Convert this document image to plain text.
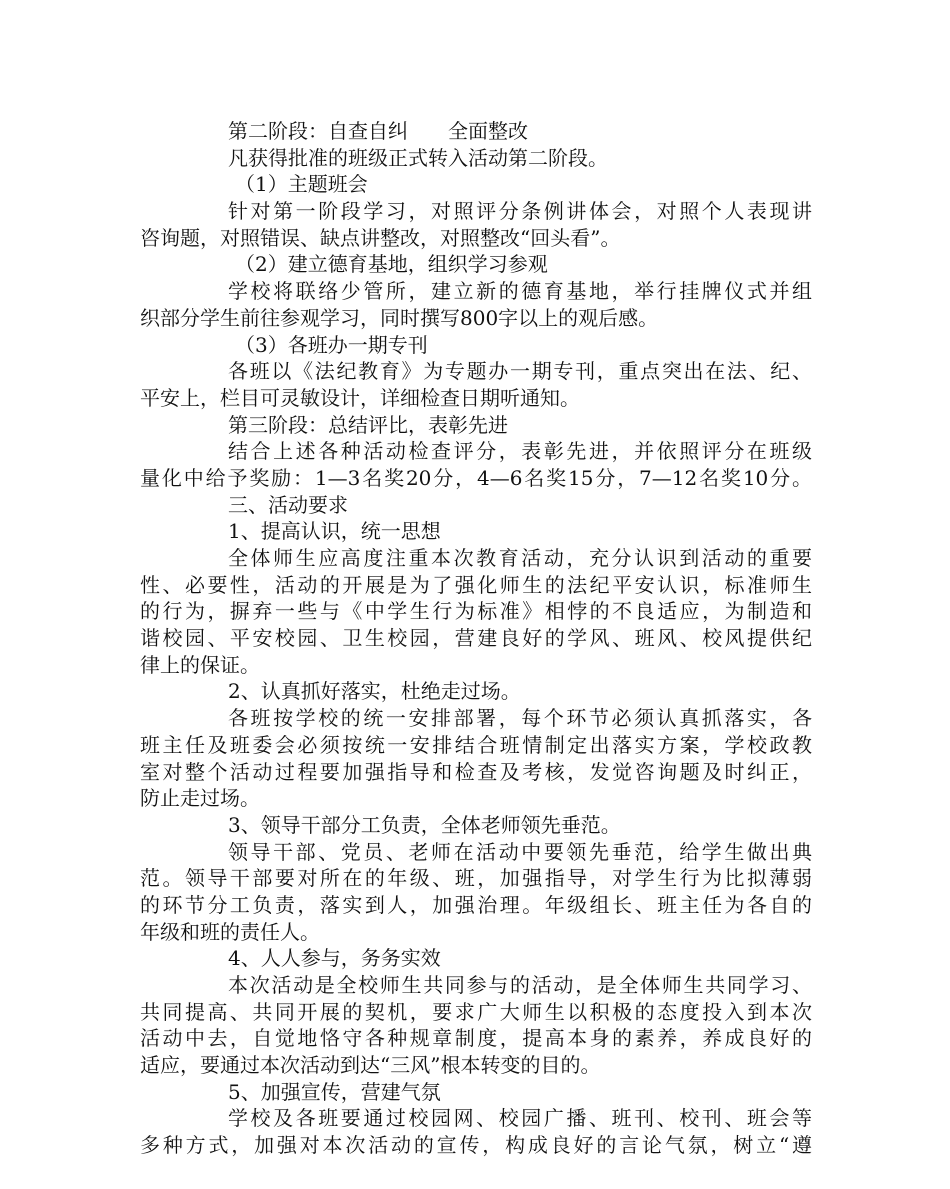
第二阶段：自查自纠　　全面整改
凡获得批准的班级正式转入活动第二阶段。
（1）主题班会
针对第一阶段学习，对照评分条例讲体会，对照个人表现讲
咨询题，对照错误、缺点讲整改，对照整改“回头看”。
（2）建立德育基地，组织学习参观
学校将联络少管所，建立新的德育基地，举行挂牌仪式并组
织部分学生前往参观学习，同时撰写800字以上的观后感。
（3）各班办一期专刊
各班以《法纪教育》为专题办一期专刊，重点突出在法、纪、
平安上，栏目可灵敏设计，详细检查日期听通知。
第三阶段：总结评比，表彰先进
结合上述各种活动检查评分，表彰先进，并依照评分在班级
量化中给予奖励：1—3名奖20分，4—6名奖15分，7—12名奖10分。
三、活动要求
1、提高认识，统一思想
全体师生应高度注重本次教育活动，充分认识到活动的重要
性、必要性，活动的开展是为了强化师生的法纪平安认识，标准师生
的行为，摒弃一些与《中学生行为标准》相悖的不良适应，为制造和
谐校园、平安校园、卫生校园，营建良好的学风、班风、校风提供纪
律上的保证。
2、认真抓好落实，杜绝走过场。
各班按学校的统一安排部署，每个环节必须认真抓落实，各
班主任及班委会必须按统一安排结合班情制定出落实方案，学校政教
室对整个活动过程要加强指导和检查及考核，发觉咨询题及时纠正，
防止走过场。
3、领导干部分工负责，全体老师领先垂范。
领导干部、党员、老师在活动中要领先垂范，给学生做出典
范。领导干部要对所在的年级、班，加强指导，对学生行为比拟薄弱
的环节分工负责，落实到人，加强治理。年级组长、班主任为各自的
年级和班的责任人。
4、人人参与，务务实效
本次活动是全校师生共同参与的活动，是全体师生共同学习、
共同提高、共同开展的契机，要求广大师生以积极的态度投入到本次
活动中去，自觉地恪守各种规章制度，提高本身的素养，养成良好的
适应，要通过本次活动到达“三风”根本转变的目的。
5、加强宣传，营建气氛
学校及各班要通过校园网、校园广播、班刊、校刊、班会等
多种方式，加强对本次活动的宣传，构成良好的言论气氛，树立“遵
